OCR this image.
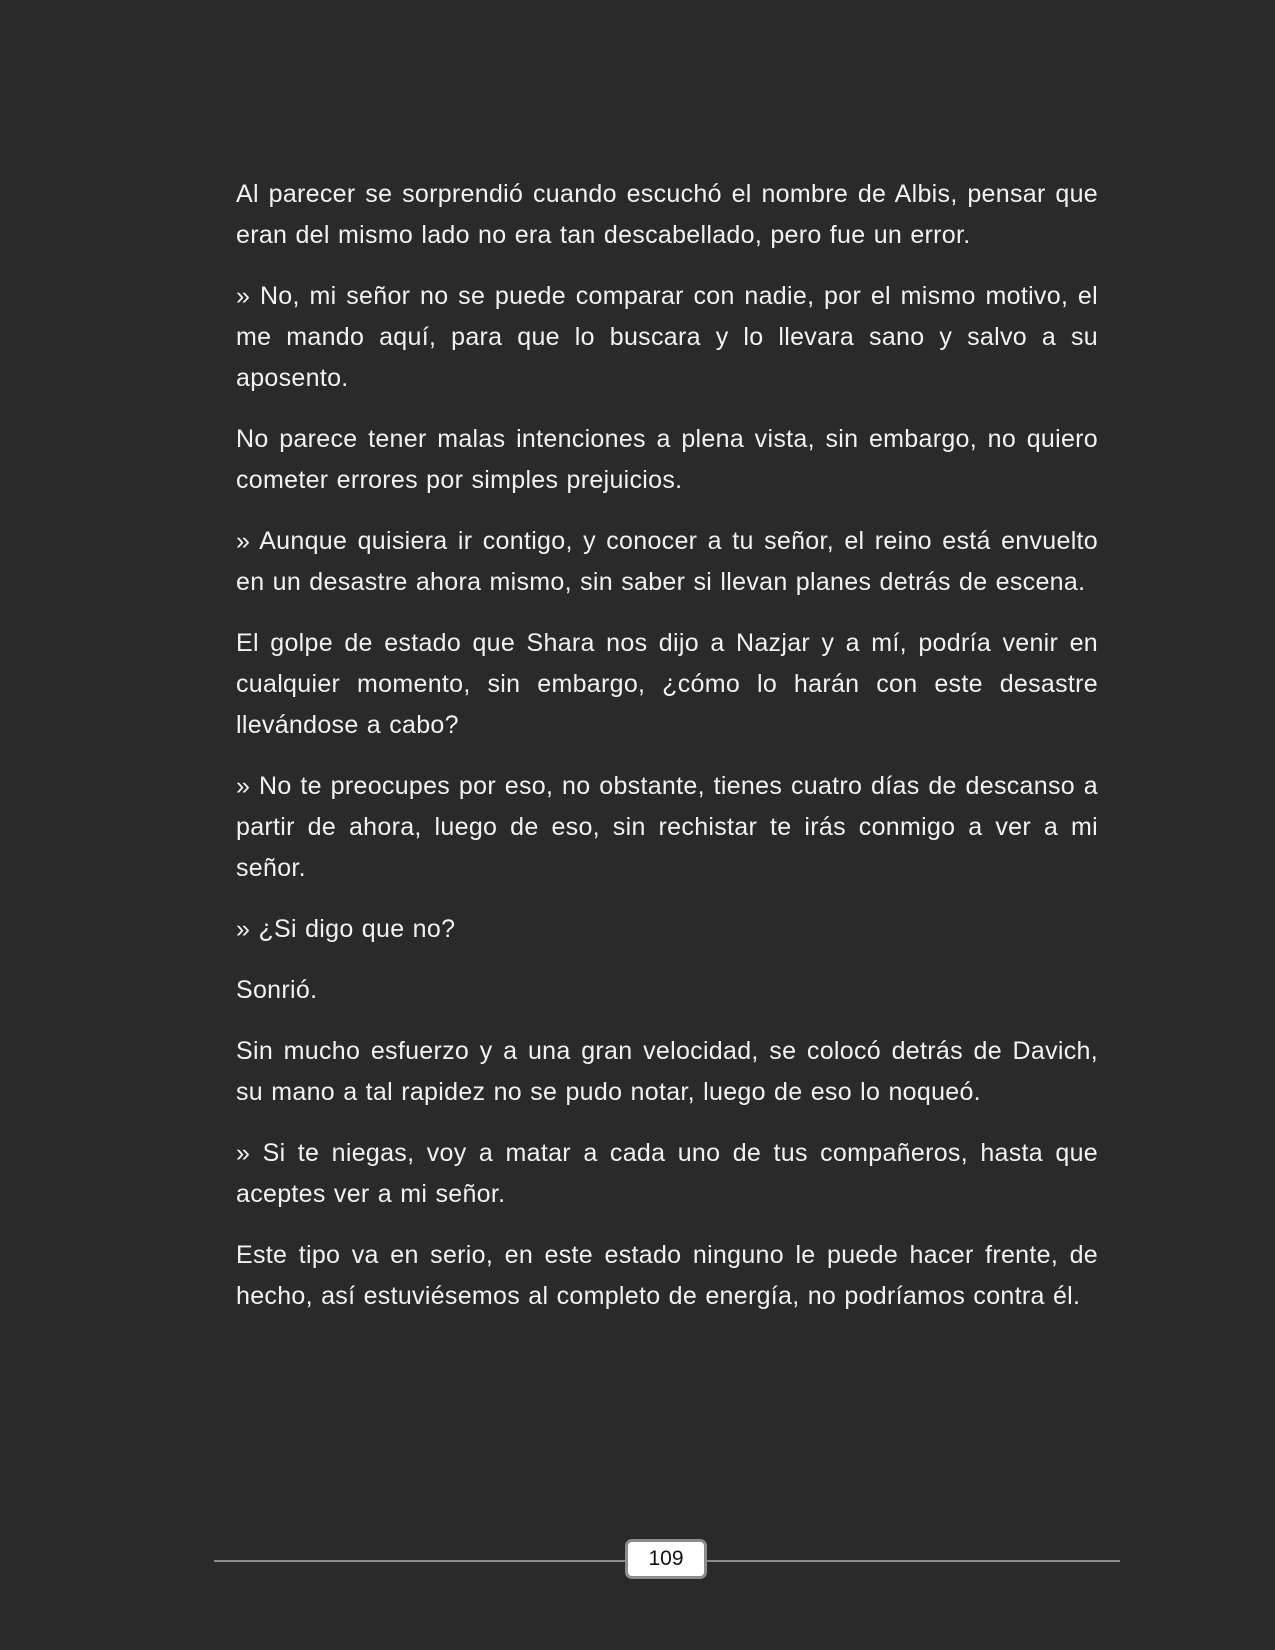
Al parecer se sorprendió cuando escuchó el nombre de Albis, pensar que eran del mismo lado no era tan descabellado, pero fue un error.

» No, mi señor no se puede comparar con nadie, por el mismo motivo, el me mando aquí, para que lo buscara y lo llevara sano y salvo a su aposento.

No parece tener malas intenciones a plena vista, sin embargo, no quiero cometer errores por simples prejuicios.

» Aunque quisiera ir contigo, y conocer a tu señor, el reino está envuelto en un desastre ahora mismo, sin saber si llevan planes detrás de escena.

El golpe de estado que Shara nos dijo a Nazjar y a mí, podría venir en cualquier momento, sin embargo, ¿cómo lo harán con este desastre llevándose a cabo?

» No te preocupes por eso, no obstante, tienes cuatro días de descanso a partir de ahora, luego de eso, sin rechistar te irás conmigo a ver a mi señor.

» ¿Si digo que no?

Sonrió.

Sin mucho esfuerzo y a una gran velocidad, se colocó detrás de Davich, su mano a tal rapidez no se pudo notar, luego de eso lo noqueó.

» Si te niegas, voy a matar a cada uno de tus compañeros, hasta que aceptes ver a mi señor.

Este tipo va en serio, en este estado ninguno le puede hacer frente, de hecho, así estuviésemos al completo de energía, no podríamos contra él.

109
